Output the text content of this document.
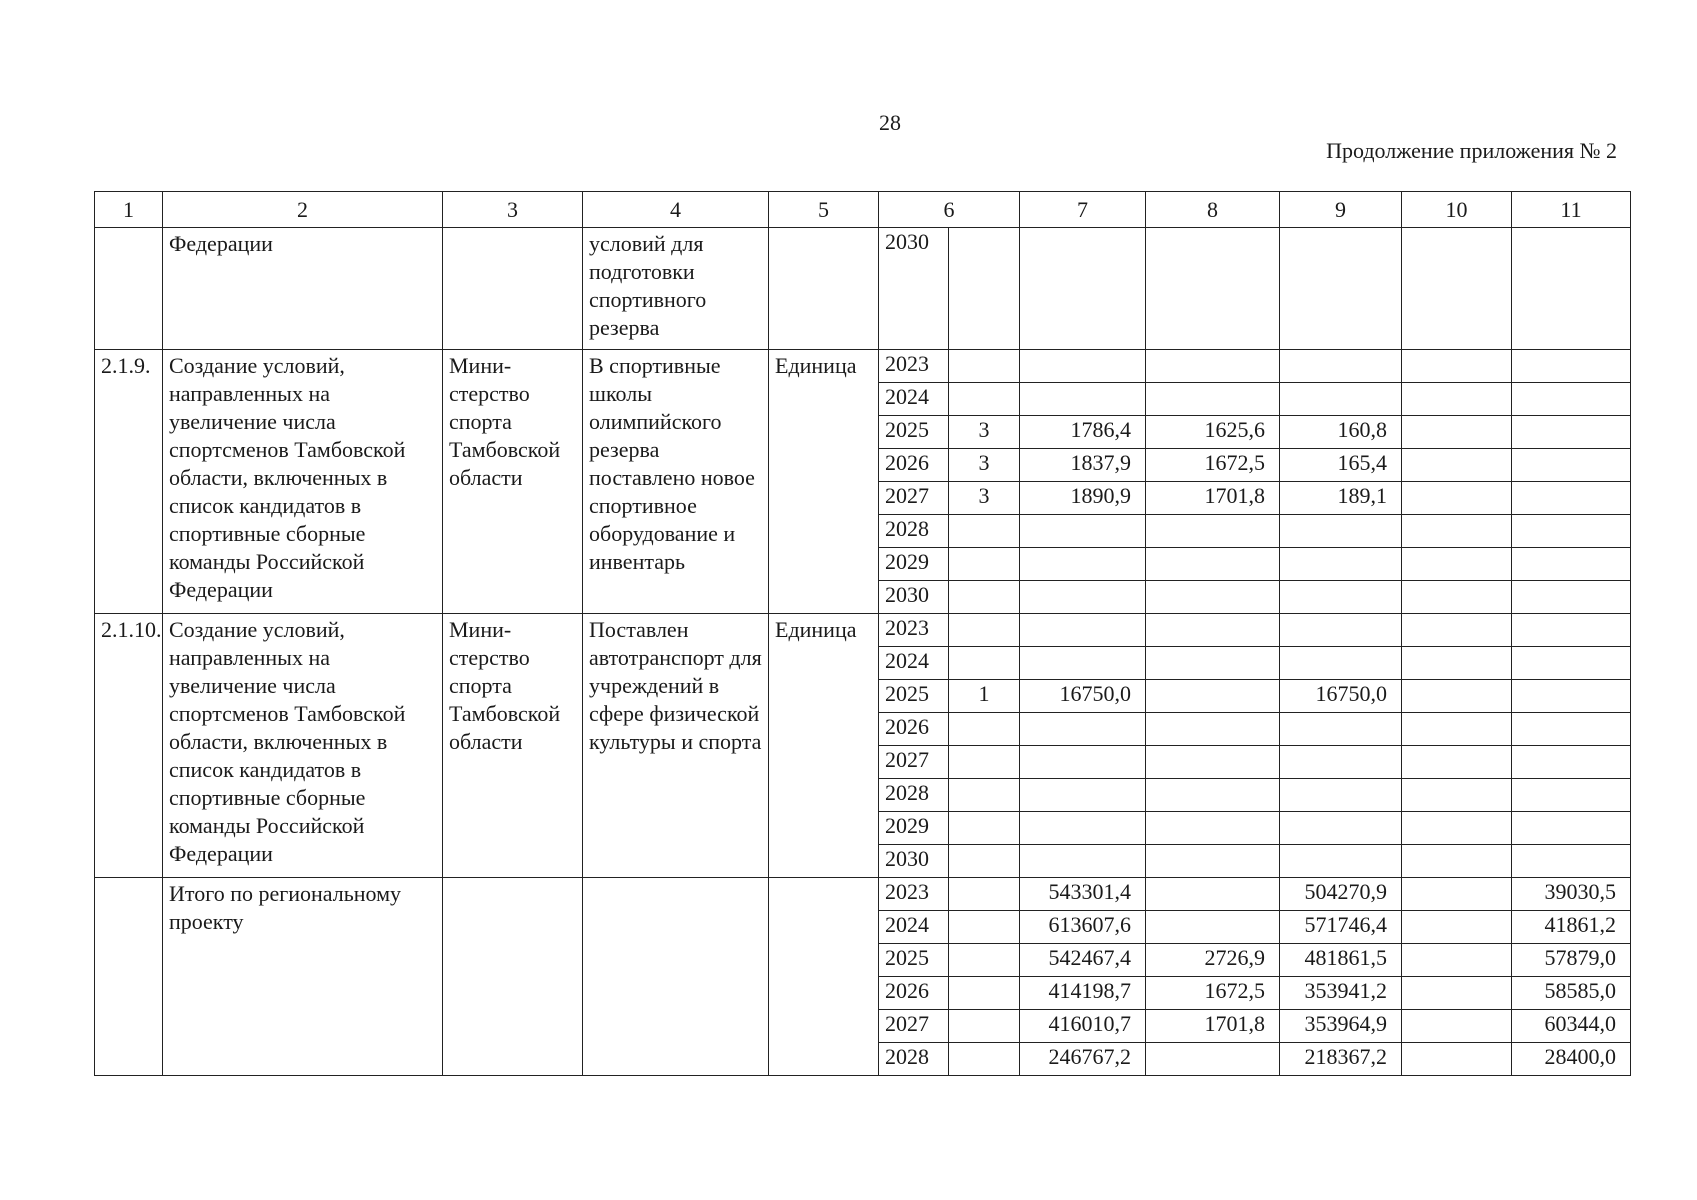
28
Продолжение приложения № 2
1	2	3	4	5	6		7	8	9	10	11
	Федерации		условий для подготовки спортивного резерва		2030						
2.1.9.	Создание условий, направленных на увеличение числа спортсменов Тамбовской области, включенных в список кандидатов в спортивные сборные команды Российской Федерации	Мини-стерство спорта Тамбовской области	В спортивные школы олимпийского резерва поставлено новое спортивное оборудование и инвентарь	Единица	2023						
					2024						
					2025	3	1786,4	1625,6	160,8		
					2026	3	1837,9	1672,5	165,4		
					2027	3	1890,9	1701,8	189,1		
					2028						
					2029						
					2030						
2.1.10.	Создание условий, направленных на увеличение числа спортсменов Тамбовской области, включенных в список кандидатов в спортивные сборные команды Российской Федерации	Мини-стерство спорта Тамбовской области	Поставлен автотранспорт для учреждений в сфере физической культуры и спорта	Единица	2023						
					2024						
					2025	1	16750,0		16750,0		
					2026						
					2027						
					2028						
					2029						
					2030						
	Итого по региональному проекту				2023		543301,4		504270,9		39030,5
					2024		613607,6		571746,4		41861,2
					2025		542467,4	2726,9	481861,5		57879,0
					2026		414198,7	1672,5	353941,2		58585,0
					2027		416010,7	1701,8	353964,9		60344,0
					2028		246767,2		218367,2		28400,0
